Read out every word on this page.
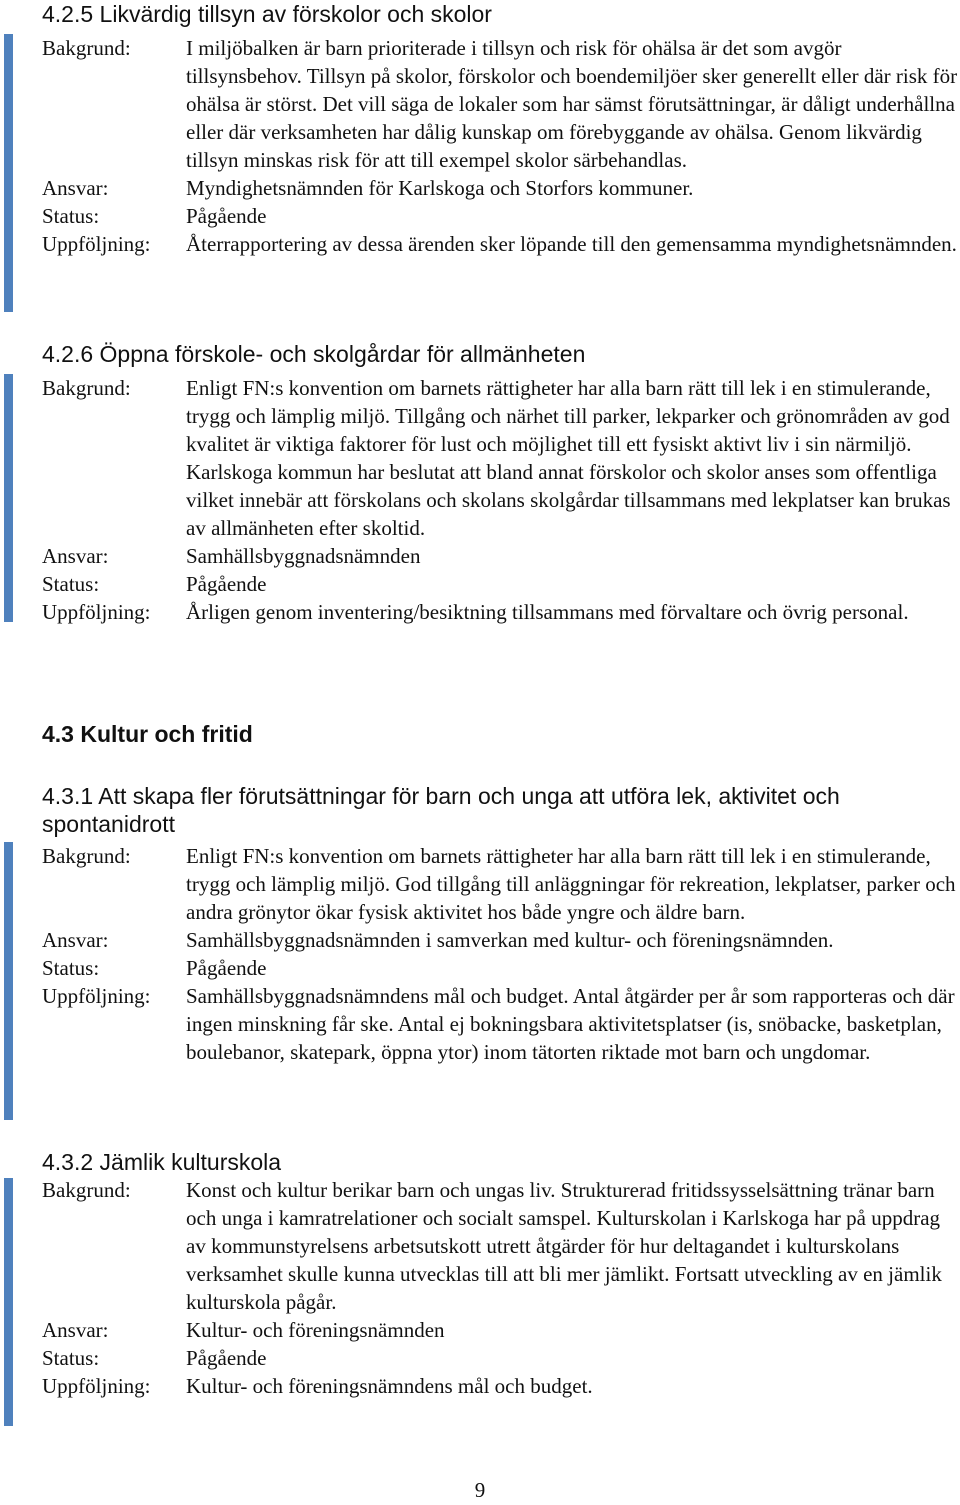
4.2.5 Likvärdig tillsyn av förskolor och skolor
Bakgrund:	I miljöbalken är barn prioriterade i tillsyn och risk för ohälsa är det som avgör tillsynsbehov. Tillsyn på skolor, förskolor och boendemiljöer sker generellt eller där risk för ohälsa är störst. Det vill säga de lokaler som har sämst förutsättningar, är dåligt underhållna eller där verksamheten har dålig kunskap om förebyggande av ohälsa. Genom likvärdig tillsyn minskas risk för att till exempel skolor särbehandlas.
Ansvar:	Myndighetsnämnden för Karlskoga och Storfors kommuner.
Status:	Pågående
Uppföljning:	Återrapportering av dessa ärenden sker löpande till den gemensamma myndighetsnämnden.
4.2.6 Öppna förskole- och skolgårdar för allmänheten
Bakgrund:	Enligt FN:s konvention om barnets rättigheter har alla barn rätt till lek i en stimulerande, trygg och lämplig miljö. Tillgång och närhet till parker, lekparker och grönområden av god kvalitet är viktiga faktorer för lust och möjlighet till ett fysiskt aktivt liv i sin närmiljö. Karlskoga kommun har beslutat att bland annat förskolor och skolor anses som offentliga vilket innebär att förskolans och skolans skolgårdar tillsammans med lekplatser kan brukas av allmänheten efter skoltid.
Ansvar:	Samhällsbyggnadsnämnden
Status:	Pågående
Uppföljning:	Årligen genom inventering/besiktning tillsammans med förvaltare och övrig personal.
4.3 Kultur och fritid
4.3.1 Att skapa fler förutsättningar för barn och unga att utföra lek, aktivitet och spontanidrott
Bakgrund:	Enligt FN:s konvention om barnets rättigheter har alla barn rätt till lek i en stimulerande, trygg och lämplig miljö. God tillgång till anläggningar för rekreation, lekplatser, parker och andra grönytor ökar fysisk aktivitet hos både yngre och äldre barn.
Ansvar:	Samhällsbyggnadsnämnden i samverkan med kultur- och föreningsnämnden.
Status:	Pågående
Uppföljning:	Samhällsbyggnadsnämndens mål och budget. Antal åtgärder per år som rapporteras och där ingen minskning får ske. Antal ej bokningsbara aktivitetsplatser (is, snöbacke, basketplan, boulebanor, skatepark, öppna ytor) inom tätorten riktade mot barn och ungdomar.
4.3.2 Jämlik kulturskola
Bakgrund:	Konst och kultur berikar barn och ungas liv. Strukturerad fritidssysselsättning tränar barn och unga i kamratrelationer och socialt samspel. Kulturskolan i Karlskoga har på uppdrag av kommunstyrelsens arbetsutskott utrett åtgärder för hur deltagandet i kulturskolans verksamhet skulle kunna utvecklas till att bli mer jämlikt. Fortsatt utveckling av en jämlik kulturskola pågår.
Ansvar:	Kultur- och föreningsnämnden
Status:	Pågående
Uppföljning:	Kultur- och föreningsnämndens mål och budget.
9
